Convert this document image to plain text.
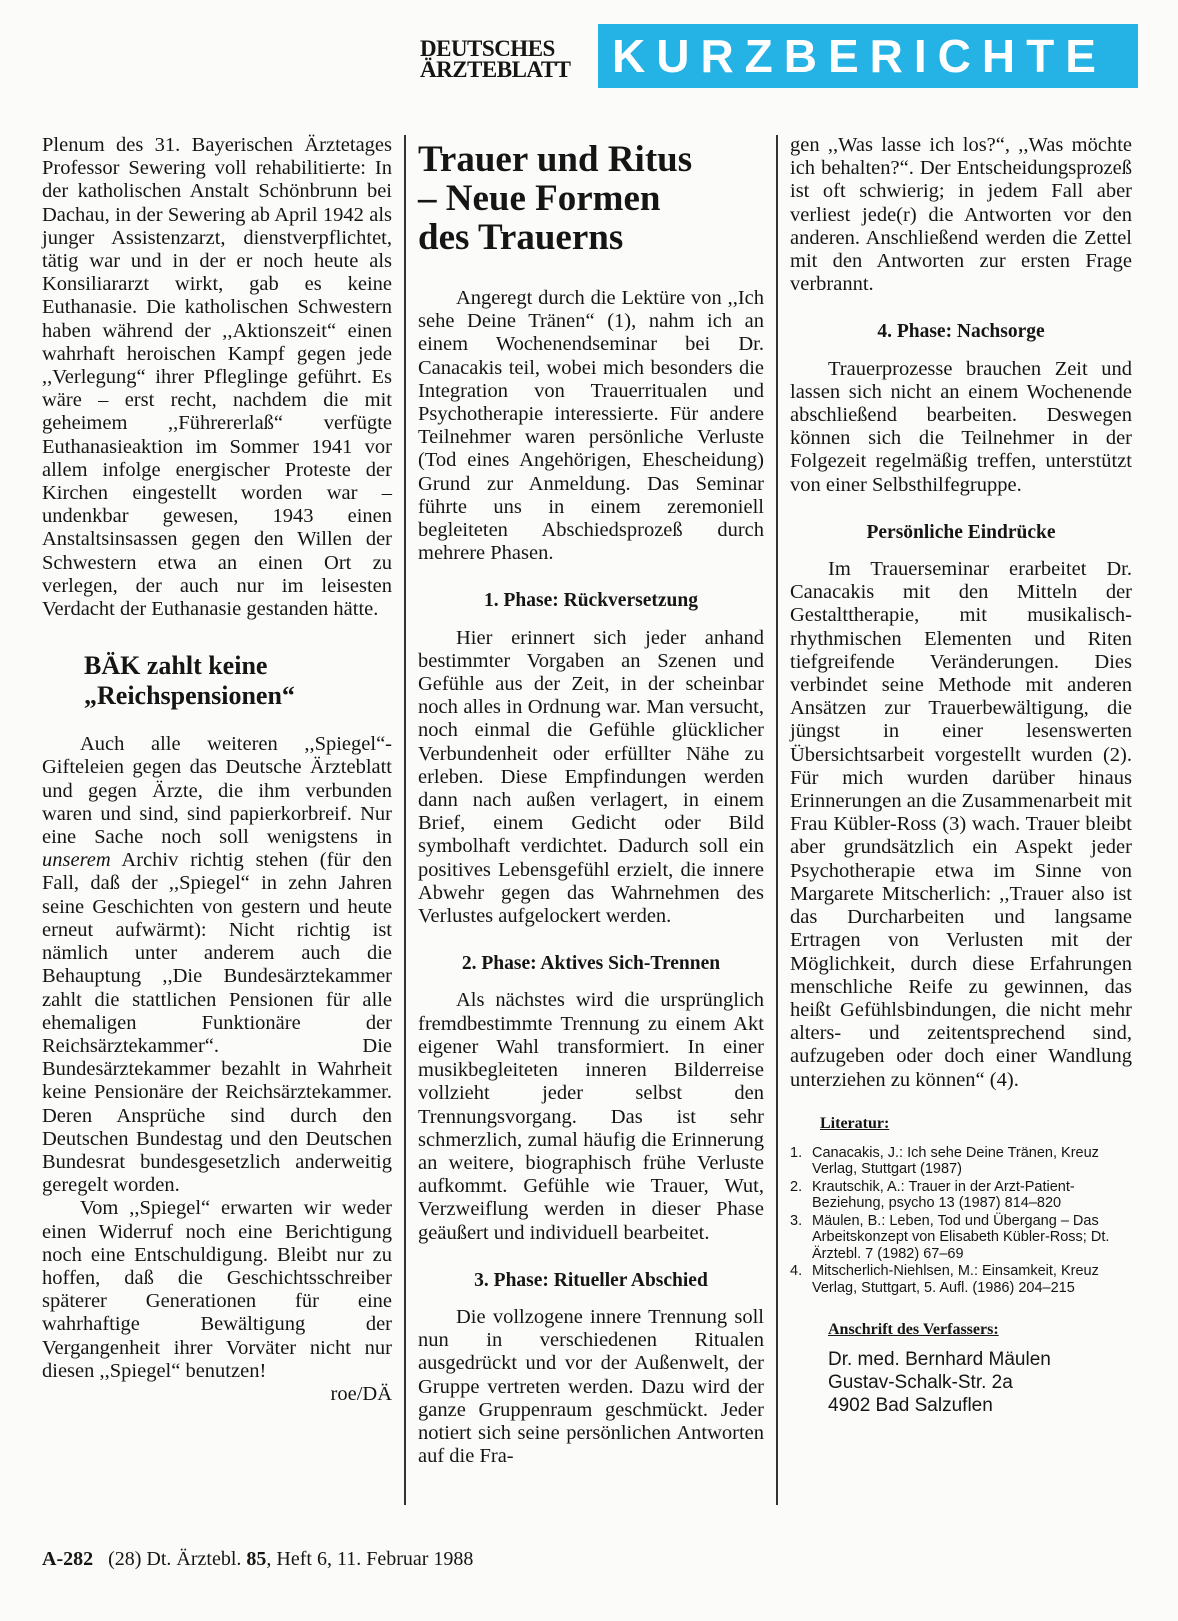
DEUTSCHES
ÄRZTEBLATT KURZBERICHTE

Plenum des 31. Bayerischen Ärztetages Professor Sewering voll rehabilitierte: In der katholischen Anstalt Schönbrunn bei Dachau, in der Sewering ab April 1942 als junger Assistenzarzt, dienstverpflichtet, tätig war und in der er noch heute als Konsiliararzt wirkt, gab es keine Euthanasie. Die katholischen Schwestern haben während der ,,Aktionszeit“ einen wahrhaft heroischen Kampf gegen jede ,,Verlegung“ ihrer Pfleglinge geführt. Es wäre – erst recht, nachdem die mit geheimem ,,Führererlaß“ verfügte Euthanasieaktion im Sommer 1941 vor allem infolge energischer Proteste der Kirchen eingestellt worden war – undenkbar gewesen, 1943 einen Anstaltsinsassen gegen den Willen der Schwestern etwa an einen Ort zu verlegen, der auch nur im leisesten Verdacht der Euthanasie gestanden hätte.

BÄK zahlt keine
„Reichspensionen“

Auch alle weiteren ,,Spiegel“-Gifteleien gegen das Deutsche Ärzteblatt und gegen Ärzte, die ihm verbunden waren und sind, sind papierkorbreif. Nur eine Sache noch soll wenigstens in unserem Archiv richtig stehen (für den Fall, daß der ,,Spiegel“ in zehn Jahren seine Geschichten von gestern und heute erneut aufwärmt): Nicht richtig ist nämlich unter anderem auch die Behauptung ,,Die Bundesärztekammer zahlt die stattlichen Pensionen für alle ehemaligen Funktionäre der Reichsärztekammer“. Die Bundesärztekammer bezahlt in Wahrheit keine Pensionäre der Reichsärztekammer. Deren Ansprüche sind durch den Deutschen Bundestag und den Deutschen Bundesrat bundesgesetzlich anderweitig geregelt worden.

Vom ,,Spiegel“ erwarten wir weder einen Widerruf noch eine Berichtigung noch eine Entschuldigung. Bleibt nur zu hoffen, daß die Geschichtsschreiber späterer Generationen für eine wahrhaftige Bewältigung der Vergangenheit ihrer Vorväter nicht nur diesen ,,Spiegel“ benutzen!

roe/DÄ
Trauer und Ritus
– Neue Formen
des Trauerns

Angeregt durch die Lektüre von ,,Ich sehe Deine Tränen“ (1), nahm ich an einem Wochenendseminar bei Dr. Canacakis teil, wobei mich besonders die Integration von Trauerritualen und Psychotherapie interessierte. Für andere Teilnehmer waren persönliche Verluste (Tod eines Angehörigen, Ehescheidung) Grund zur Anmeldung. Das Seminar führte uns in einem zeremoniell begleiteten Abschiedsprozeß durch mehrere Phasen.

1. Phase: Rückversetzung

Hier erinnert sich jeder anhand bestimmter Vorgaben an Szenen und Gefühle aus der Zeit, in der scheinbar noch alles in Ordnung war. Man versucht, noch einmal die Gefühle glücklicher Verbundenheit oder erfüllter Nähe zu erleben. Diese Empfindungen werden dann nach außen verlagert, in einem Brief, einem Gedicht oder Bild symbolhaft verdichtet. Dadurch soll ein positives Lebensgefühl erzielt, die innere Abwehr gegen das Wahrnehmen des Verlustes aufgelockert werden.

2. Phase: Aktives Sich-Trennen

Als nächstes wird die ursprünglich fremdbestimmte Trennung zu einem Akt eigener Wahl transformiert. In einer musikbegleiteten inneren Bilderreise vollzieht jeder selbst den Trennungsvorgang. Das ist sehr schmerzlich, zumal häufig die Erinnerung an weitere, biographisch frühe Verluste aufkommt. Gefühle wie Trauer, Wut, Verzweiflung werden in dieser Phase geäußert und individuell bearbeitet.

3. Phase: Ritueller Abschied

Die vollzogene innere Trennung soll nun in verschiedenen Ritualen ausgedrückt und vor der Außenwelt, der Gruppe vertreten werden. Dazu wird der ganze Gruppenraum geschmückt. Jeder notiert sich seine persönlichen Antworten auf die Fra-

gen ,,Was lasse ich los?“, ,,Was möchte ich behalten?“. Der Entscheidungsprozeß ist oft schwierig; in jedem Fall aber verliest jede(r) die Antworten vor den anderen. Anschließend werden die Zettel mit den Antworten zur ersten Frage verbrannt.

4. Phase: Nachsorge

Trauerprozesse brauchen Zeit und lassen sich nicht an einem Wochenende abschließend bearbeiten. Deswegen können sich die Teilnehmer in der Folgezeit regelmäßig treffen, unterstützt von einer Selbsthilfegruppe.

Persönliche Eindrücke

Im Trauerseminar erarbeitet Dr. Canacakis mit den Mitteln der Gestalttherapie, mit musikalisch-rhythmischen Elementen und Riten tiefgreifende Veränderungen. Dies verbindet seine Methode mit anderen Ansätzen zur Trauerbewältigung, die jüngst in einer lesenswerten Übersichtsarbeit vorgestellt wurden (2). Für mich wurden darüber hinaus Erinnerungen an die Zusammenarbeit mit Frau Kübler-Ross (3) wach. Trauer bleibt aber grundsätzlich ein Aspekt jeder Psychotherapie etwa im Sinne von Margarete Mitscherlich: ,,Trauer also ist das Durcharbeiten und langsame Ertragen von Verlusten mit der Möglichkeit, durch diese Erfahrungen menschliche Reife zu gewinnen, das heißt Gefühlsbindungen, die nicht mehr alters- und zeitentsprechend sind, aufzugeben oder doch einer Wandlung unterziehen zu können“ (4).

Literatur:
1. Canacakis, J.: Ich sehe Deine Tränen, Kreuz Verlag, Stuttgart (1987)
2. Krautschik, A.: Trauer in der Arzt-Patient-Beziehung, psycho 13 (1987) 814–820
3. Mäulen, B.: Leben, Tod und Übergang – Das Arbeitskonzept von Elisabeth Kübler-Ross; Dt. Ärztebl. 7 (1982) 67–69
4. Mitscherlich-Niehlsen, M.: Einsamkeit, Kreuz Verlag, Stuttgart, 5. Aufl. (1986) 204–215
Anschrift des Verfassers:
Dr. med. Bernhard Mäulen
Gustav-Schalk-Str. 2a
4902 Bad Salzuflen
A-282 (28) Dt. Ärztebl. 85, Heft 6, 11. Februar 1988
